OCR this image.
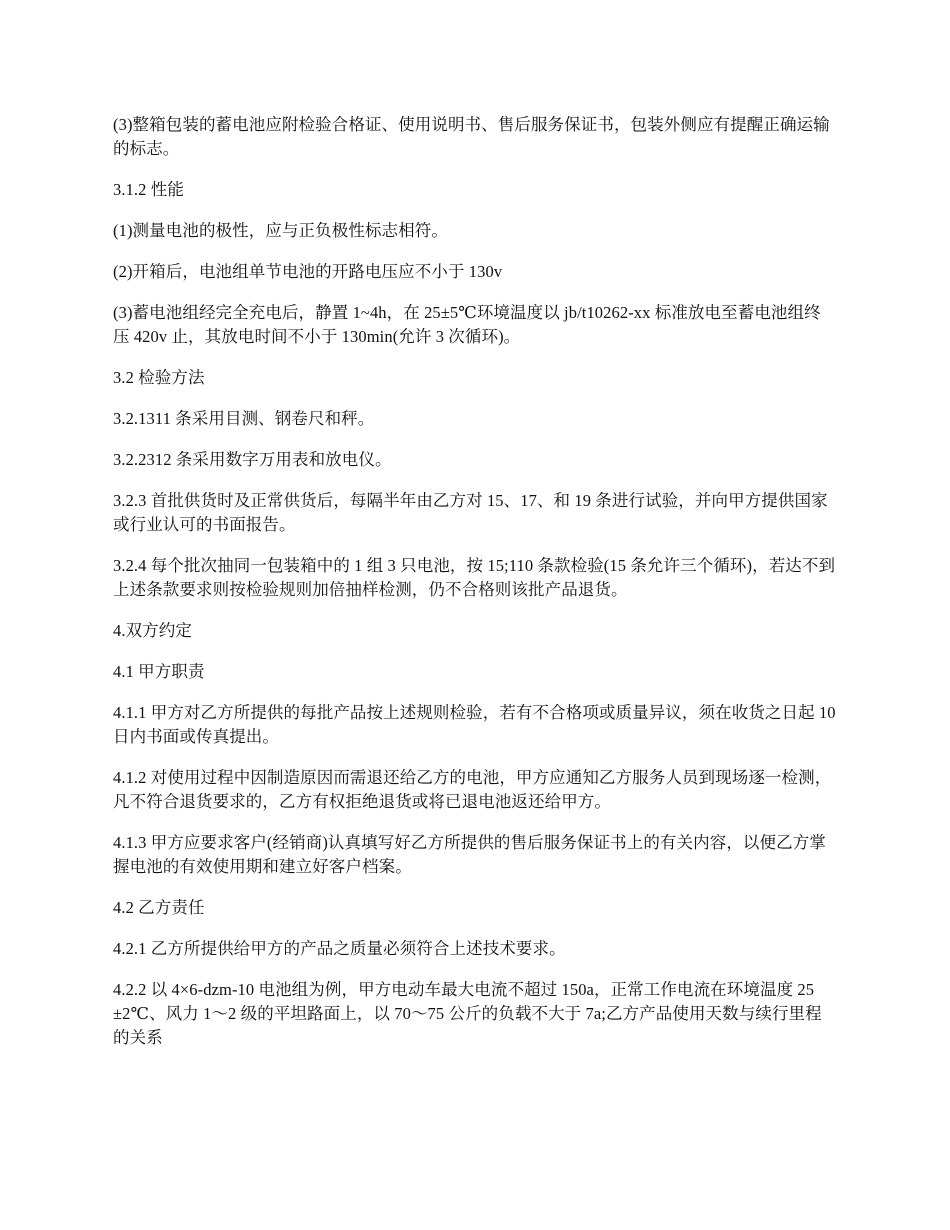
(3)整箱包装的蓄电池应附检验合格证、使用说明书、售后服务保证书，包装外侧应有提醒正确运输的标志。

3.1.2 性能

(1)测量电池的极性，应与正负极性标志相符。

(2)开箱后，电池组单节电池的开路电压应不小于 130v

(3)蓄电池组经完全充电后，静置 1~4h，在 25±5℃环境温度以 jb/t10262-xx 标准放电至蓄电池组终压 420v 止，其放电时间不小于 130min(允许 3 次循环)。

3.2 检验方法

3.2.1311 条采用目测、钢卷尺和秤。

3.2.2312 条采用数字万用表和放电仪。

3.2.3 首批供货时及正常供货后，每隔半年由乙方对 15、17、和 19 条进行试验，并向甲方提供国家或行业认可的书面报告。

3.2.4 每个批次抽同一包装箱中的 1 组 3 只电池，按 15;110 条款检验(15 条允许三个循环)，若达不到上述条款要求则按检验规则加倍抽样检测，仍不合格则该批产品退货。

4.双方约定

4.1 甲方职责

4.1.1 甲方对乙方所提供的每批产品按上述规则检验，若有不合格项或质量异议，须在收货之日起 10 日内书面或传真提出。

4.1.2 对使用过程中因制造原因而需退还给乙方的电池，甲方应通知乙方服务人员到现场逐一检测，凡不符合退货要求的，乙方有权拒绝退货或将已退电池返还给甲方。

4.1.3 甲方应要求客户(经销商)认真填写好乙方所提供的售后服务保证书上的有关内容，以便乙方掌握电池的有效使用期和建立好客户档案。

4.2 乙方责任

4.2.1 乙方所提供给甲方的产品之质量必须符合上述技术要求。

4.2.2 以 4×6-dzm-10 电池组为例，甲方电动车最大电流不超过 150a，正常工作电流在环境温度 25±2℃、风力 1～2 级的平坦路面上，以 70～75 公斤的负载不大于 7a;乙方产品使用天数与续行里程的关系
